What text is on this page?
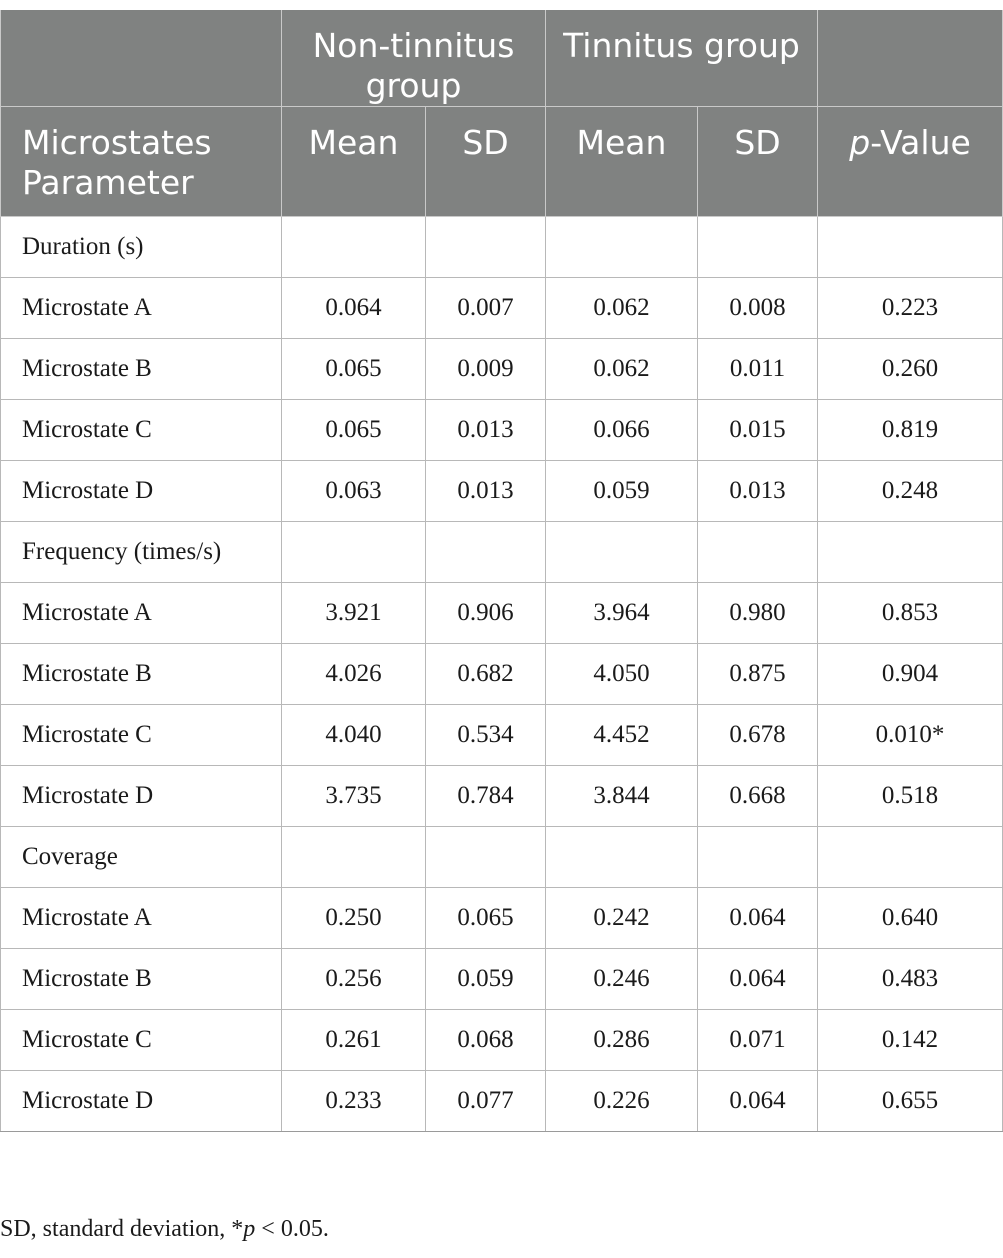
	Non-tinnitus group		Tinnitus group		
Microstates Parameter	Mean	SD	Mean	SD	p-Value
Duration (s)					
Microstate A	0.064	0.007	0.062	0.008	0.223
Microstate B	0.065	0.009	0.062	0.011	0.260
Microstate C	0.065	0.013	0.066	0.015	0.819
Microstate D	0.063	0.013	0.059	0.013	0.248
Frequency (times/s)					
Microstate A	3.921	0.906	3.964	0.980	0.853
Microstate B	4.026	0.682	4.050	0.875	0.904
Microstate C	4.040	0.534	4.452	0.678	0.010*
Microstate D	3.735	0.784	3.844	0.668	0.518
Coverage					
Microstate A	0.250	0.065	0.242	0.064	0.640
Microstate B	0.256	0.059	0.246	0.064	0.483
Microstate C	0.261	0.068	0.286	0.071	0.142
Microstate D	0.233	0.077	0.226	0.064	0.655
SD, standard deviation, *p < 0.05.
